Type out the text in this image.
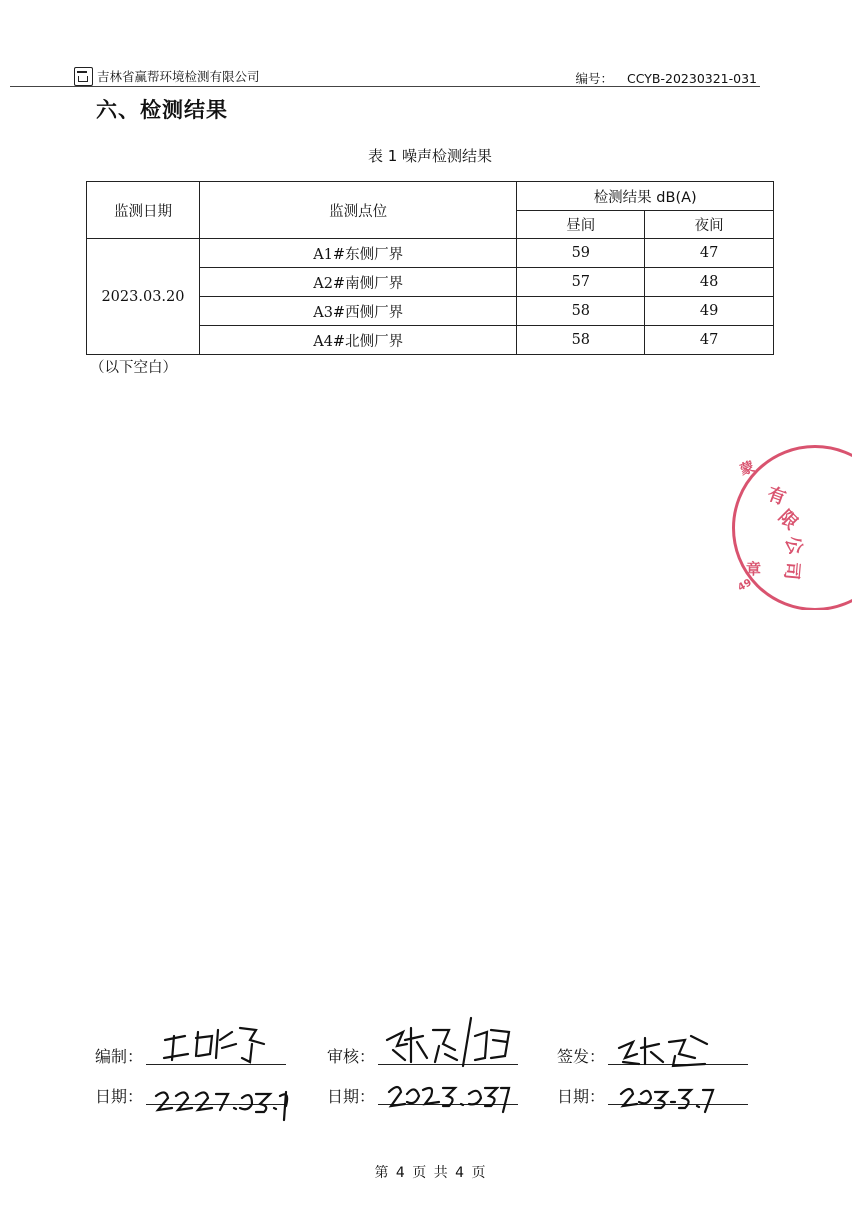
吉林省赢帮环境检测有限公司	编号： CCYB-20230321-031
六、检测结果
表 1 噪声检测结果
监测日期	监测点位	检测结果 dB(A)	
		昼间	夜间
2023.03.20	A1#东侧厂界	59	47
	A2#南侧厂界	57	48
	A3#西侧厂界	58	49
	A4#北侧厂界	58	47
（以下空白）
蒙
有
限
公
司
章
49
编制：	审核：	签发：
日期：	日期：	日期：
第 4 页 共 4 页
